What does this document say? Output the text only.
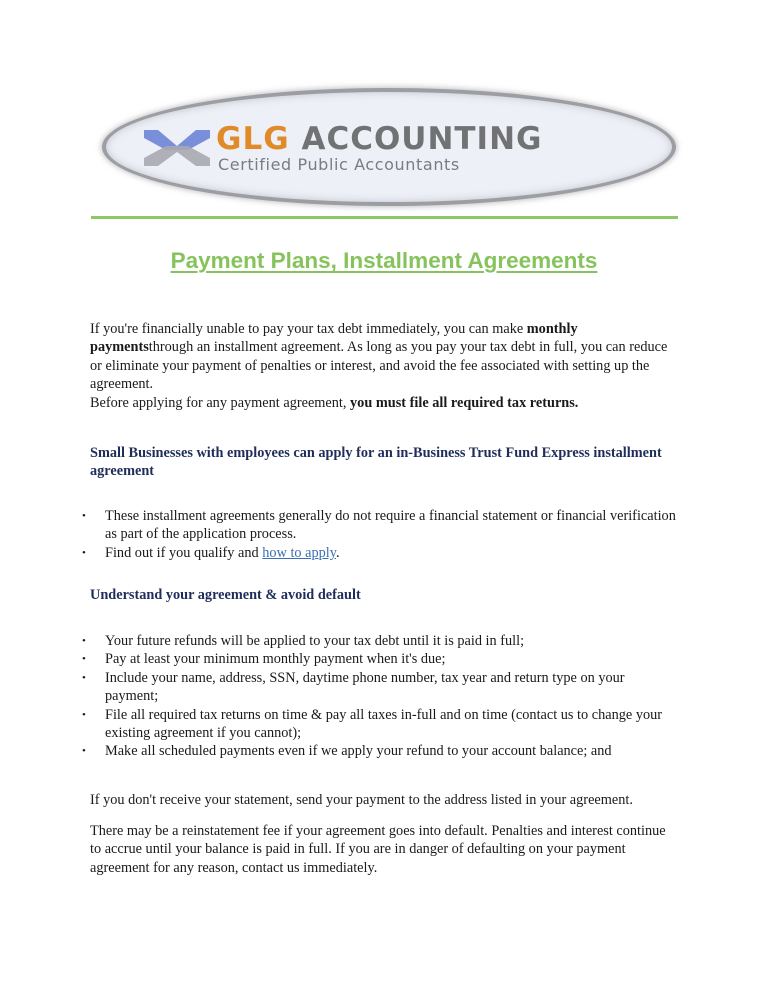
GLG ACCOUNTING
Certified Public Accountants
Payment Plans, Installment Agreements
If you're financially unable to pay your tax debt immediately, you can make monthly paymentsthrough an installment agreement. As long as you pay your tax debt in full, you can reduce or eliminate your payment of penalties or interest, and avoid the fee associated with setting up the agreement.
Before applying for any payment agreement, you must file all required tax returns.
Small Businesses with employees can apply for an in-Business Trust Fund Express installment agreement
• These installment agreements generally do not require a financial statement or financial verification as part of the application process.
• Find out if you qualify and how to apply.
Understand your agreement & avoid default
• Your future refunds will be applied to your tax debt until it is paid in full;
• Pay at least your minimum monthly payment when it's due;
• Include your name, address, SSN, daytime phone number, tax year and return type on your payment;
• File all required tax returns on time & pay all taxes in-full and on time (contact us to change your existing agreement if you cannot);
• Make all scheduled payments even if we apply your refund to your account balance; and
If you don't receive your statement, send your payment to the address listed in your agreement.
There may be a reinstatement fee if your agreement goes into default. Penalties and interest continue to accrue until your balance is paid in full. If you are in danger of defaulting on your payment agreement for any reason, contact us immediately.
